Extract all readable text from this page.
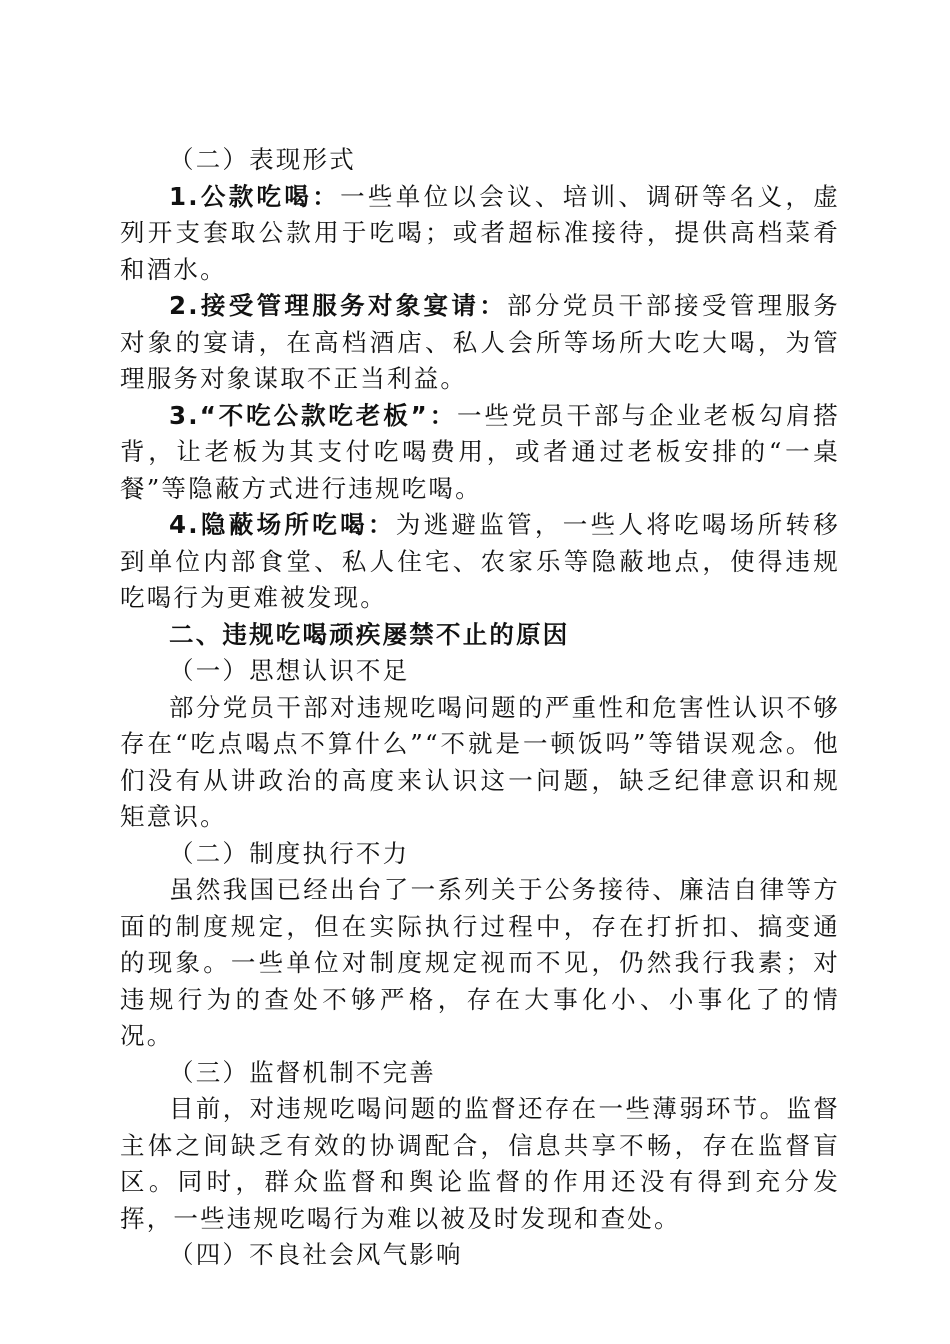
（二）表现形式

1.公款吃喝：一些单位以会议、培训、调研等名义，虚列开支套取公款用于吃喝；或者超标准接待，提供高档菜肴和酒水。

2.接受管理服务对象宴请：部分党员干部接受管理服务对象的宴请，在高档酒店、私人会所等场所大吃大喝，为管理服务对象谋取不正当利益。

3.“不吃公款吃老板”：一些党员干部与企业老板勾肩搭背，让老板为其支付吃喝费用，或者通过老板安排的“一桌餐”等隐蔽方式进行违规吃喝。

4.隐蔽场所吃喝：为逃避监管，一些人将吃喝场所转移到单位内部食堂、私人住宅、农家乐等隐蔽地点，使得违规吃喝行为更难被发现。

二、违规吃喝顽疾屡禁不止的原因

（一）思想认识不足

部分党员干部对违规吃喝问题的严重性和危害性认识不够存在“吃点喝点不算什么”“不就是一顿饭吗”等错误观念。他们没有从讲政治的高度来认识这一问题，缺乏纪律意识和规矩意识。

（二）制度执行不力

虽然我国已经出台了一系列关于公务接待、廉洁自律等方面的制度规定，但在实际执行过程中，存在打折扣、搞变通的现象。一些单位对制度规定视而不见，仍然我行我素；对违规行为的查处不够严格，存在大事化小、小事化了的情况。

（三）监督机制不完善

目前，对违规吃喝问题的监督还存在一些薄弱环节。监督主体之间缺乏有效的协调配合，信息共享不畅，存在监督盲区。同时，群众监督和舆论监督的作用还没有得到充分发挥，一些违规吃喝行为难以被及时发现和查处。

（四）不良社会风气影响
